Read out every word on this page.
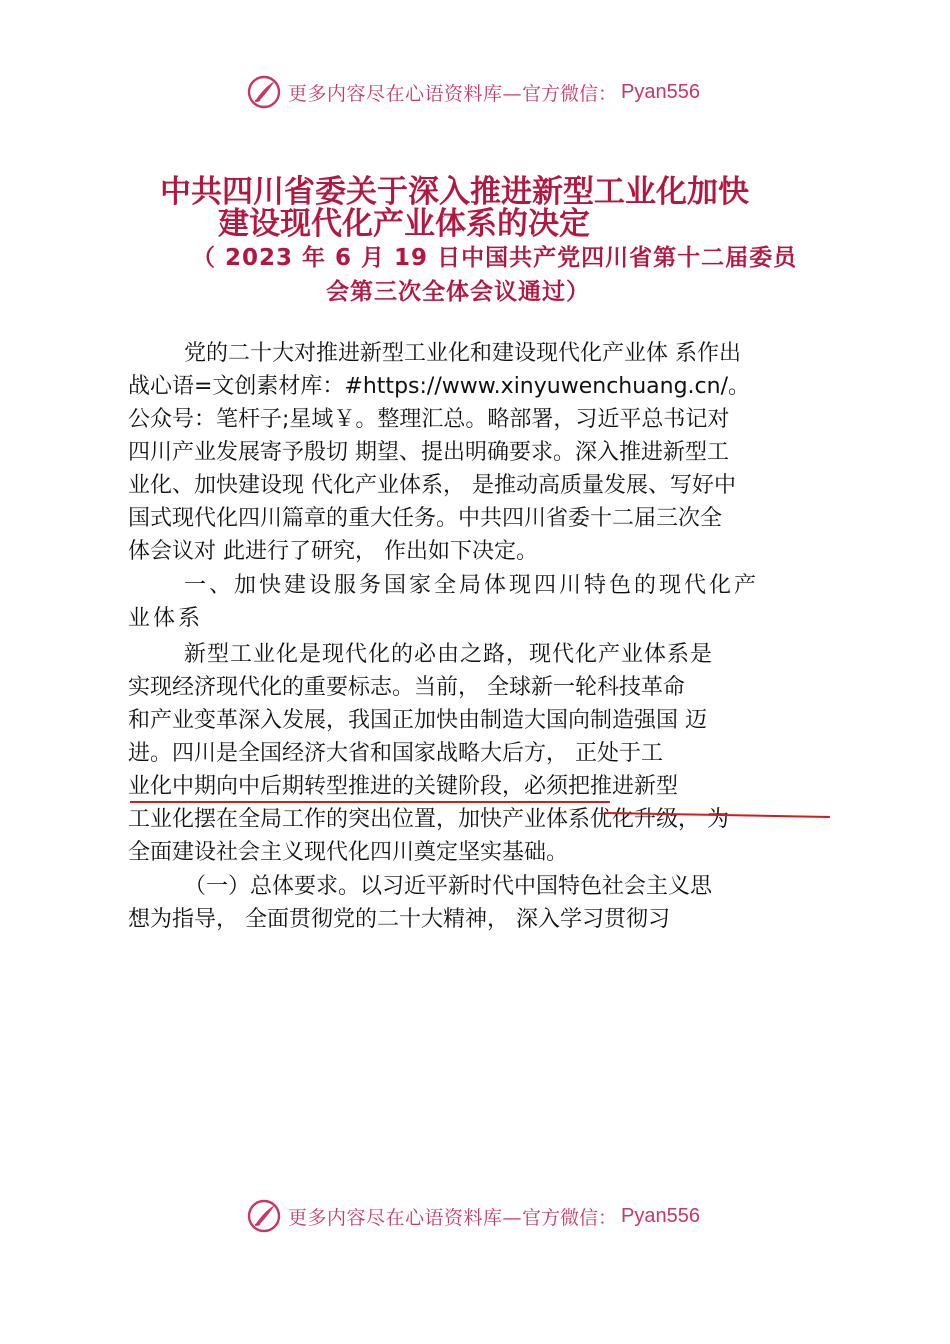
更多内容尽在心语资料库— 官方微信： Pyan556
中共四川省委关于深入推进新型工业化加快
建设现代化产业体系的决定
（ 2023 年 6 月 19 日中国共产党四川省第十二届委员
会第三次全体会议通过）
党的二十大对推进新型工业化和建设现代化产业体 系作出
战心语=文创素材库：#https://www.xinyuwenchuang.cn/。
公众号：笔杆子;星域￥。整理汇总。略部署，习近平总书记对
四川产业发展寄予殷切 期望、提出明确要求。深入推进新型工
业化、加快建设现 代化产业体系， 是推动高质量发展、写好中
国式现代化四川篇章的重大任务。中共四川省委十二届三次全
体会议对 此进行了研究， 作出如下决定。
一、加快建设服务国家全局体现四川特色的现代化产
业体系
新型工业化是现代化的必由之路，现代化产业体系是
实现经济现代化的重要标志。当前， 全球新一轮科技革命
和产业变革深入发展，我国正加快由制造大国向制造强国 迈
进。四川是全国经济大省和国家战略大后方， 正处于工
业化中期向中后期转型推进的关键阶段，必须把推进新型
工业化摆在全局工作的突出位置，加快产业体系优化升级， 为
全面建设社会主义现代化四川奠定坚实基础。
（一）总体要求。以习近平新时代中国特色社会主义思
想为指导， 全面贯彻党的二十大精神， 深入学习贯彻习
更多内容尽在心语资料库— 官方微信： Pyan556
